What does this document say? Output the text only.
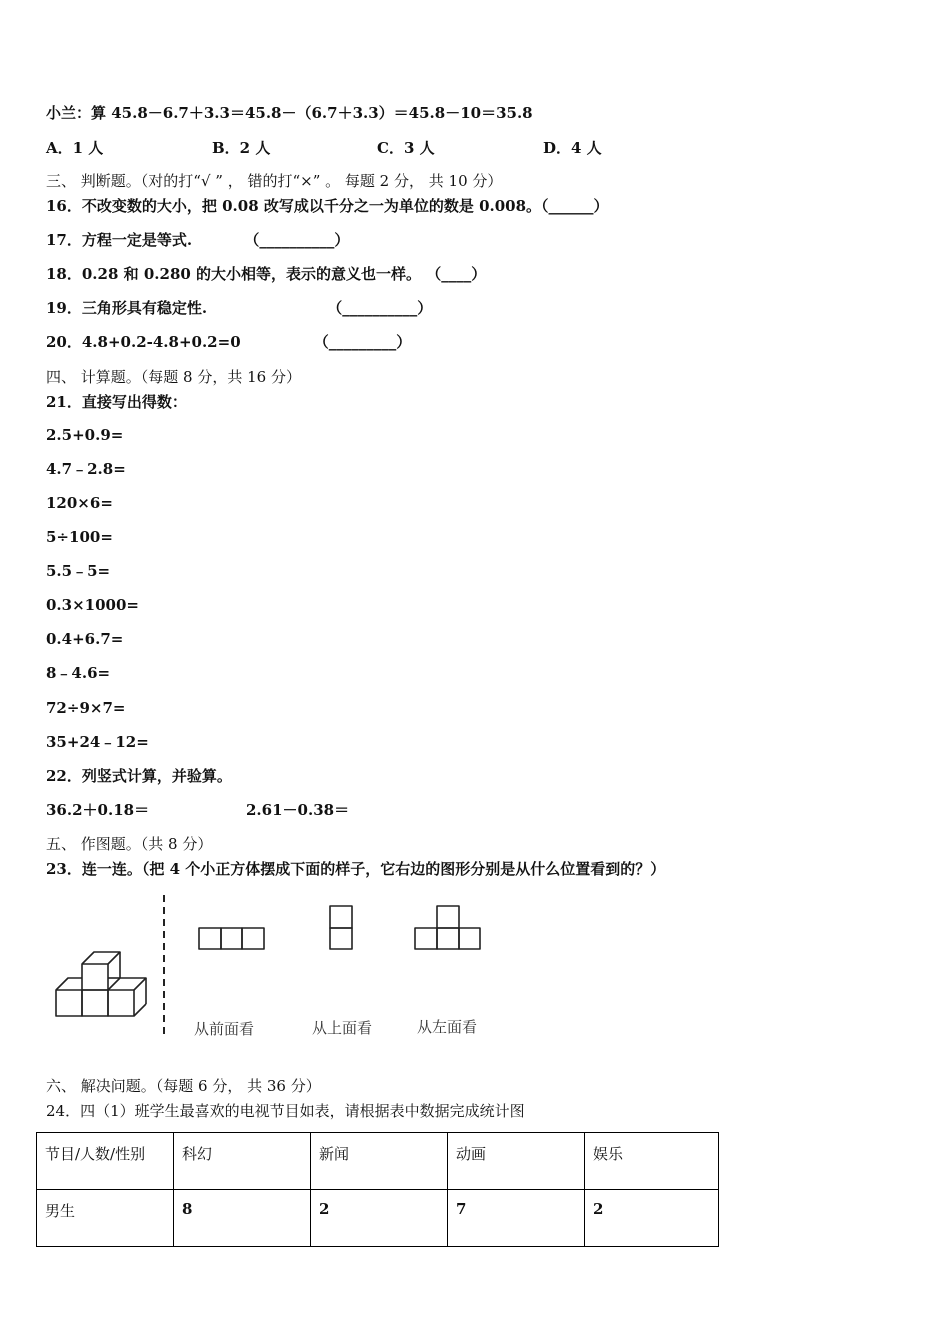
小兰：算 45.8－6.7＋3.3＝45.8－（6.7＋3.3）＝45.8－10＝35.8
A．1 人	B．2 人	C．3 人	D．4 人
三、 判断题。（对的打“√ ” ， 错的打“×” 。 每题 2 分， 共 10 分）
16．不改变数的大小，把 0.08 改写成以千分之一为单位的数是 0.008。（______）
17．方程一定是等式.          （__________）
18．0.28 和 0.280 的大小相等，表示的意义也一样。 （____）
19．三角形具有稳定性.                       （__________）
20．4.8+0.2-4.8+0.2=0              （_________）
四、 计算题。（每题 8 分，共 16 分）
21．直接写出得数：
2.5+0.9=
4.7﹣2.8=
120×6=
5÷100=
5.5﹣5=
0.3×1000=
0.4+6.7=
8﹣4.6=
72÷9×7=
35+24﹣12=
22．列竖式计算，并验算。
36.2＋0.18＝	2.61－0.38＝
五、 作图题。（共 8 分）
23．连一连。（把 4 个小正方体摆成下面的样子，它右边的图形分别是从什么位置看到的？）
从前面看	从上面看	从左面看
六、 解决问题。（每题 6 分， 共 36 分）
24．四（1）班学生最喜欢的电视节目如表，请根据表中数据完成统计图
节目/人数/性别	科幻	新闻	动画	娱乐
男生	8	2	7	2
